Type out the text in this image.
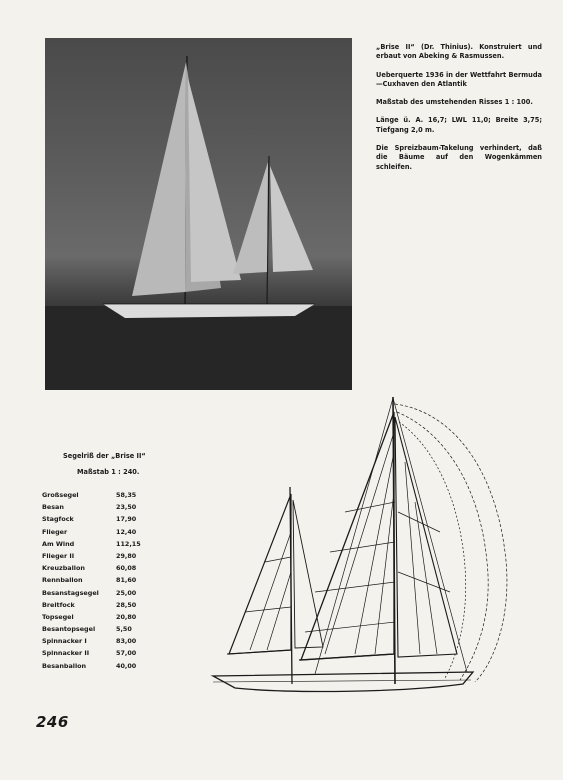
„Brise II“ (Dr. Thinius). Konstruiert und erbaut von Abeking & Rasmussen.

Ueberquerte 1936 in der Wettfahrt Bermuda—Cuxhaven den Atlantik

Maßstab des umstehenden Risses 1 : 100.

Länge ü. A. 16,7; LWL 11,0; Breite 3,75; Tiefgang 2,0 m.

Die Spreizbaum-Takelung verhindert, daß die Bäume auf den Wogenkämmen schleifen.

Segelriß der „Brise II“
Maßstab 1 : 240.
Großsegel	58,35
Besan	23,50
Stagfock	17,90
Flieger	12,40
Am Wind	112,15
Flieger II	29,80
Kreuzballon	60,08
Rennballon	81,60
Besanstagsegel	25,00
Breitfock	28,50
Topsegel	20,80
Besantopsegel	5,50
Spinnacker I	83,00
Spinnacker II	57,00
Besanballon	40,00
246
